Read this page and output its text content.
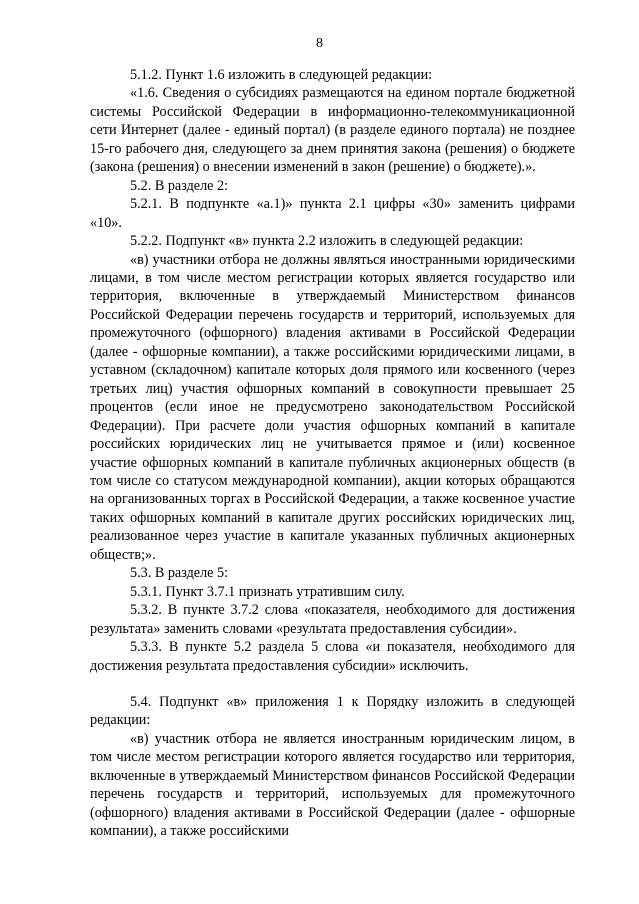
8

5.1.2. Пункт 1.6 изложить в следующей редакции:

«1.6. Сведения о субсидиях размещаются на едином портале бюджетной системы Российской Федерации в информационно-телекоммуникационной сети Интернет (далее - единый портал) (в разделе единого портала) не позднее 15-го рабочего дня, следующего за днем принятия закона (решения) о бюджете (закона (решения) о внесении изменений в закон (решение) о бюджете).».

5.2. В разделе 2:

5.2.1. В подпункте «а.1)» пункта 2.1 цифры «30» заменить цифрами «10».

5.2.2. Подпункт «в» пункта 2.2 изложить в следующей редакции:

«в) участники отбора не должны являться иностранными юридическими лицами, в том числе местом регистрации которых является государство или территория, включенные в утверждаемый Министерством финансов Российской Федерации перечень государств и территорий, используемых для промежуточного (офшорного) владения активами в Российской Федерации (далее - офшорные компании), а также российскими юридическими лицами, в уставном (складочном) капитале которых доля прямого или косвенного (через третьих лиц) участия офшорных компаний в совокупности превышает 25 процентов (если иное не предусмотрено законодательством Российской Федерации). При расчете доли участия офшорных компаний в капитале российских юридических лиц не учитывается прямое и (или) косвенное участие офшорных компаний в капитале публичных акционерных обществ (в том числе со статусом международной компании), акции которых обращаются на организованных торгах в Российской Федерации, а также косвенное участие таких офшорных компаний в капитале других российских юридических лиц, реализованное через участие в капитале указанных публичных акционерных обществ;».

5.3. В разделе 5:

5.3.1. Пункт 3.7.1 признать утратившим силу.

5.3.2. В пункте 3.7.2 слова «показателя, необходимого для достижения результата» заменить словами «результата предоставления субсидии».

5.3.3. В пункте 5.2 раздела 5 слова «и показателя, необходимого для достижения результата предоставления субсидии» исключить.

5.4. Подпункт «в» приложения 1 к Порядку изложить в следующей редакции:

«в) участник отбора не является иностранным юридическим лицом, в том числе местом регистрации которого является государство или территория, включенные в утверждаемый Министерством финансов Российской Федерации перечень государств и территорий, используемых для промежуточного (офшорного) владения активами в Российской Федерации (далее - офшорные компании), а также российскими
